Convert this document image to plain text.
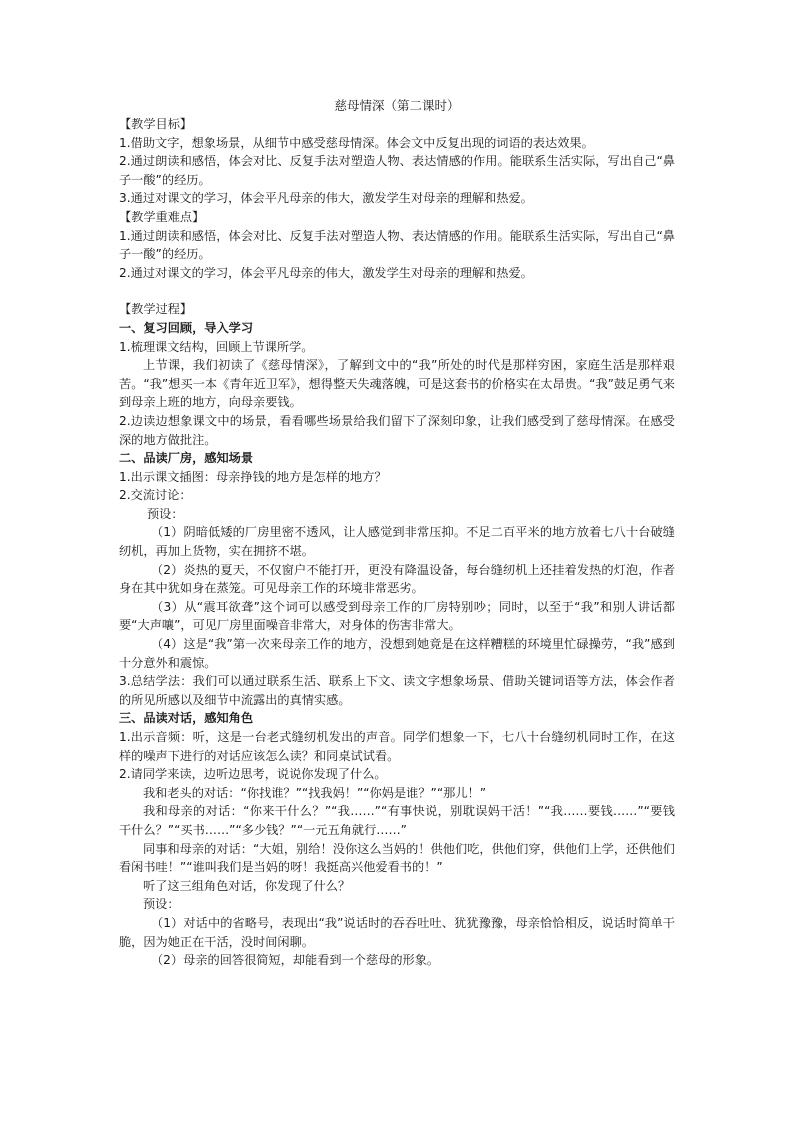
慈母情深（第二课时）

【教学目标】

1.借助文字，想象场景，从细节中感受慈母情深。体会文中反复出现的词语的表达效果。

2.通过朗读和感悟，体会对比、反复手法对塑造人物、表达情感的作用。能联系生活实际，写出自己“鼻子一酸”的经历。

3.通过对课文的学习，体会平凡母亲的伟大，激发学生对母亲的理解和热爱。

【教学重难点】

1.通过朗读和感悟，体会对比、反复手法对塑造人物、表达情感的作用。能联系生活实际，写出自己“鼻子一酸”的经历。

2.通过对课文的学习，体会平凡母亲的伟大，激发学生对母亲的理解和热爱。

【教学过程】

一、复习回顾，导入学习

1.梳理课文结构，回顾上节课所学。

上节课，我们初读了《慈母情深》，了解到文中的“我”所处的时代是那样穷困，家庭生活是那样艰苦。“我”想买一本《青年近卫军》，想得整天失魂落魄，可是这套书的价格实在太昂贵。“我”鼓足勇气来到母亲上班的地方，向母亲要钱。

2.边读边想象课文中的场景，看看哪些场景给我们留下了深刻印象，让我们感受到了慈母情深。在感受深的地方做批注。

二、品读厂房，感知场景

1.出示课文插图：母亲挣钱的地方是怎样的地方？

2.交流讨论：

预设：

（1）阴暗低矮的厂房里密不透风，让人感觉到非常压抑。不足二百平米的地方放着七八十台破缝纫机，再加上货物，实在拥挤不堪。

（2）炎热的夏天，不仅窗户不能打开，更没有降温设备，每台缝纫机上还挂着发热的灯泡，作者身在其中犹如身在蒸笼。可见母亲工作的环境非常恶劣。

（3）从“震耳欲聋”这个词可以感受到母亲工作的厂房特别吵；同时，以至于“我”和别人讲话都要“大声嚷”，可见厂房里面噪音非常大，对身体的伤害非常大。

（4）这是“我”第一次来母亲工作的地方，没想到她竟是在这样糟糕的环境里忙碌操劳，“我”感到十分意外和震惊。

3.总结学法：我们可以通过联系生活、联系上下文、读文字想象场景、借助关键词语等方法，体会作者的所见所感以及细节中流露出的真情实感。

三、品读对话，感知角色

1.出示音频：听，这是一台老式缝纫机发出的声音。同学们想象一下，七八十台缝纫机同时工作，在这样的噪声下进行的对话应该怎么读？和同桌试试看。

2.请同学来读，边听边思考，说说你发现了什么。

我和老头的对话：“你找谁？”“找我妈！”“你妈是谁？”“那儿！”

我和母亲的对话：“你来干什么？”“我……”“有事快说，别耽误妈干活！”“我……要钱……”“要钱干什么？”“买书……”“多少钱？”“一元五角就行……”

同事和母亲的对话：“大姐，别给！没你这么当妈的！供他们吃，供他们穿，供他们上学，还供他们看闲书哇！”“谁叫我们是当妈的呀！我挺高兴他爱看书的！”

听了这三组角色对话，你发现了什么？

预设：

（1）对话中的省略号，表现出“我”说话时的吞吞吐吐、犹犹豫豫，母亲恰恰相反，说话时简单干脆，因为她正在干活，没时间闲聊。

（2）母亲的回答很简短，却能看到一个慈母的形象。
